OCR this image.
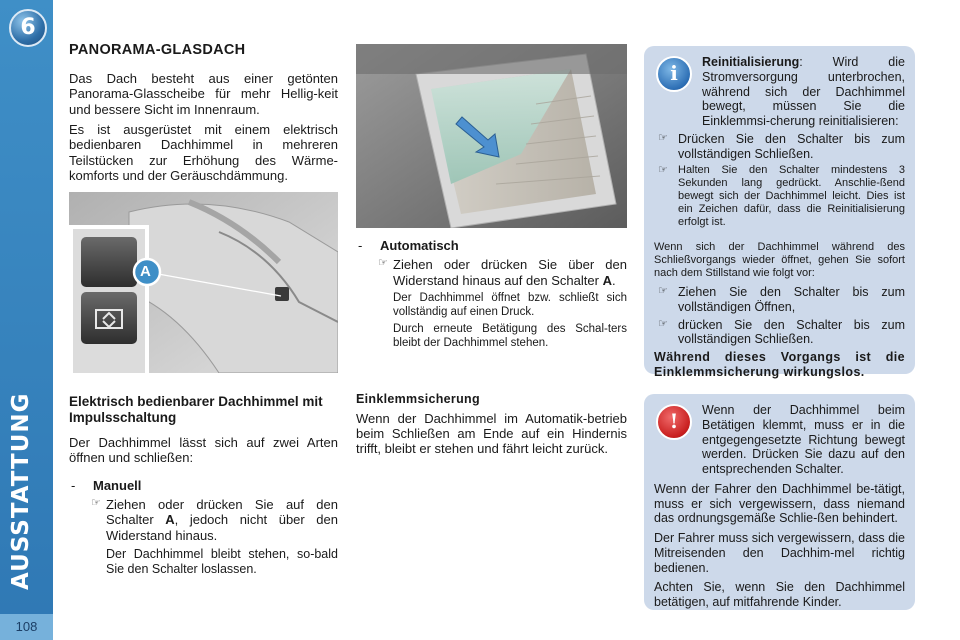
6
AUSSTATTUNG
108
PANORAMA-GLASDACH

Das Dach besteht aus einer getönten Panorama-Glasscheibe für mehr Hellig-keit und bessere Sicht im Innenraum.

Es ist ausgerüstet mit einem elektrisch bedienbaren Dachhimmel in mehreren Teilstücken zur Erhöhung des Wärme-komforts und der Geräuschdämmung.

A
Elektrisch bedienbarer Dachhimmel mit Impulsschaltung

Der Dachhimmel lässt sich auf zwei Arten öffnen und schließen:

-	Manuell
☞ Ziehen oder drücken Sie auf den Schalter A, jedoch nicht über den Widerstand hinaus.

Der Dachhimmel bleibt stehen, so-bald Sie den Schalter loslassen.

-	Automatisch
☞ Ziehen oder drücken Sie über den Widerstand hinaus auf den Schalter A.

Der Dachhimmel öffnet bzw. schließt sich vollständig auf einen Druck.

Durch erneute Betätigung des Schal-ters bleibt der Dachhimmel stehen.

Einklemmsicherung

Wenn der Dachhimmel im Automatik-betrieb beim Schließen am Ende auf ein Hindernis trifft, bleibt er stehen und fährt leicht zurück.

i Reinitialisierung: Wird die Stromversorgung unterbrochen, während sich der Dachhimmel bewegt, müssen Sie die Einklemmsi-cherung reinitialisieren:

☞ Drücken Sie den Schalter bis zum vollständigen Schließen.
☞ Halten Sie den Schalter mindestens 3 Sekunden lang gedrückt. Anschlie-ßend bewegt sich der Dachhimmel leicht. Dies ist ein Zeichen dafür, dass die Reinitialisierung erfolgt ist.

Wenn sich der Dachhimmel während des Schließvorgangs wieder öffnet, gehen Sie sofort nach dem Stillstand wie folgt vor:

☞ Ziehen Sie den Schalter bis zum vollständigen Öffnen,
☞ drücken Sie den Schalter bis zum vollständigen Schließen.

Während dieses Vorgangs ist die Einklemmsicherung wirkungslos.

! Wenn der Dachhimmel beim Betätigen klemmt, muss er in die entgegengesetzte Richtung bewegt werden. Drücken Sie dazu auf den entsprechenden Schalter.

Wenn der Fahrer den Dachhimmel be-tätigt, muss er sich vergewissern, dass niemand das ordnungsgemäße Schlie-ßen behindert.

Der Fahrer muss sich vergewissern, dass die Mitreisenden den Dachhim-mel richtig bedienen.

Achten Sie, wenn Sie den Dachhimmel betätigen, auf mitfahrende Kinder.
